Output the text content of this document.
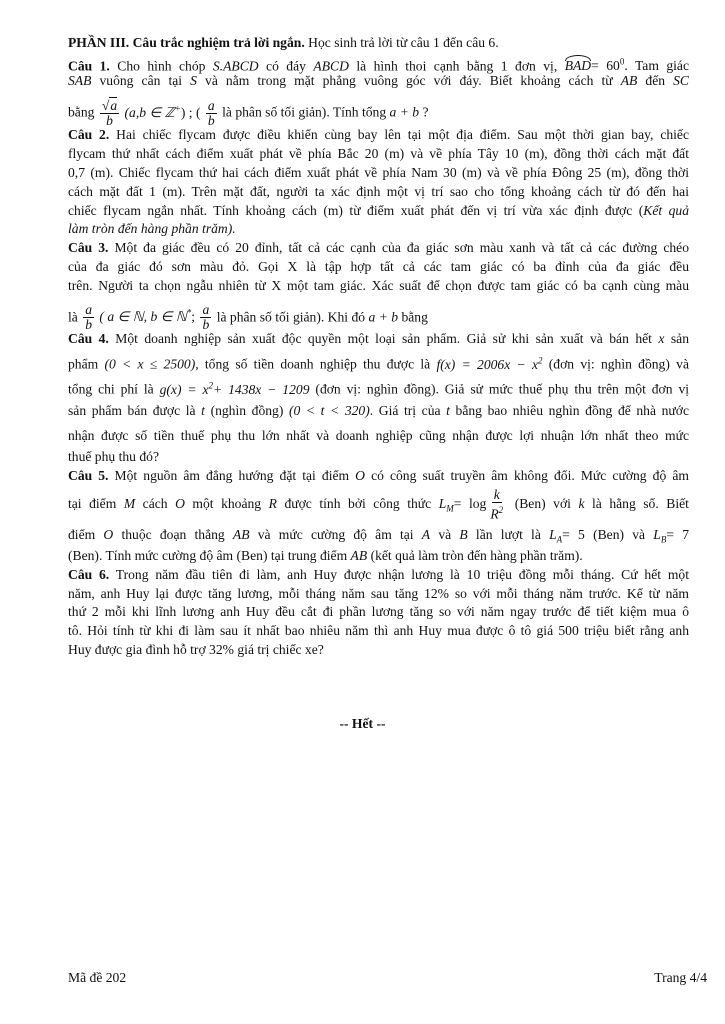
PHẦN III. Câu trắc nghiệm trả lời ngắn. Học sinh trả lời từ câu 1 đến câu 6.
Câu 1. Cho hình chóp S.ABCD có đáy ABCD là hình thoi cạnh bằng 1 đơn vị, $BAD= 60^0$. Tam giác
SAB vuông cân tại S và nằm trong mặt phẳng vuông góc với đáy. Biết khoảng cách từ AB đến SC
bằng $\frac{√a}{b} (a,b$ ∈ ℤ+) ; ( $\frac{a}{b}$ là phân số tối giản). Tính tổng a + b ?
Câu 2. Hai chiếc flycam được điều khiển cùng bay lên tại một địa điểm. Sau một thời gian bay, chiếc
flycam thứ nhất cách điểm xuất phát về phía Bắc 20 (m) và về phía Tây 10 (m), đồng thời cách mặt đất
0,7 (m). Chiếc flycam thứ hai cách điểm xuất phát về phía Nam 30 (m) và về phía Đông 25 (m), đồng thời
cách mặt đất 1 (m). Trên mặt đất, người ta xác định một vị trí sao cho tổng khoảng cách từ đó đến hai
chiếc flycam ngắn nhất. Tính khoảng cách (m) từ điểm xuất phát đến vị trí vừa xác định được (Kết quả
làm tròn đến hàng phần trăm).
Câu 3. Một đa giác đều có 20 đỉnh, tất cả các cạnh của đa giác sơn màu xanh và tất cả các đường chéo
của đa giác đó sơn màu đỏ. Gọi X là tập hợp tất cả các tam giác có ba đỉnh của đa giác đều
trên. Người ta chọn ngẫu nhiên từ X một tam giác. Xác suất để chọn được tam giác có ba cạnh cùng màu
là $\frac{a}{b}$ ( a ∈ ℕ, b ∈ ℕ*; $\frac{a}{b}$ là phân số tối giản). Khi đó a + b bằng
Câu 4. Một doanh nghiệp sản xuất độc quyền một loại sản phẩm. Giả sử khi sản xuất và bán hết x sản
phẩm (0 < x ≤ 2500), tổng số tiền doanh nghiệp thu được là $f(x) = 2006x - x^2$ (đơn vị: nghìn đồng) và
tổng chi phí là $g(x) = x^2+ 1438x - 1209$ (đơn vị: nghìn đồng). Giả sử mức thuế phụ thu trên một đơn vị
sản phẩm bán được là t (nghìn đồng) (0 < t < 320). Giá trị của t bằng bao nhiêu nghìn đồng để nhà nước
nhận được số tiền thuế phụ thu lớn nhất và doanh nghiệp cũng nhận được lợi nhuận lớn nhất theo mức
thuế phụ thu đó?
Câu 5. Một nguồn âm đẳng hướng đặt tại điểm O có công suất truyền âm không đổi. Mức cường độ âm
tại điểm M cách O một khoảng R được tính bởi công thức $L_M= \log \frac{k}{R^2} (Ben)$ với k là hằng số. Biết
điểm O thuộc đoạn thẳng AB và mức cường độ âm tại A và B lần lượt là $L_A= 5$ (Ben) và $L_B= 7$
(Ben). Tính mức cường độ âm (Ben) tại trung điểm AB (kết quả làm tròn đến hàng phần trăm).
Câu 6. Trong năm đầu tiên đi làm, anh Huy được nhận lương là 10 triệu đồng mỗi tháng. Cứ hết một
năm, anh Huy lại được tăng lương, mỗi tháng năm sau tăng 12% so với mỗi tháng năm trước. Kể từ năm
thứ 2 mỗi khi lĩnh lương anh Huy đều cắt đi phần lương tăng so với năm ngay trước để tiết kiệm mua ô
tô. Hỏi tính từ khi đi làm sau ít nhất bao nhiêu năm thì anh Huy mua được ô tô giá 500 triệu biết rằng anh
Huy được gia đình hỗ trợ 32% giá trị chiếc xe?
-- Hết --
Mã đề 202	Trang 4/4
